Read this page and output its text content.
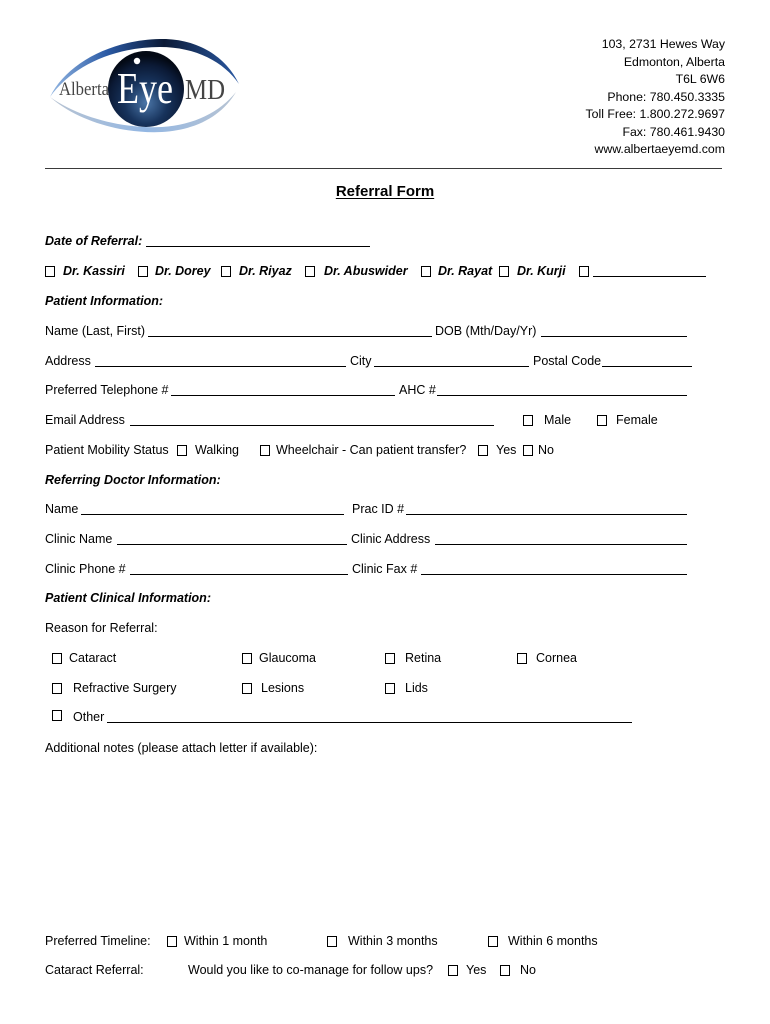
Alberta Eye MD
103, 2731 Hewes Way
Edmonton, Alberta
T6L 6W6
Phone: 780.450.3335
Toll Free: 1.800.272.9697
Fax: 780.461.9430
www.albertaeyemd.com
Referral Form
Date of Referral:
Dr. Kassiri Dr. Dorey Dr. Riyaz	Dr. Abuswider Dr. Rayat Dr. Kurji
Patient Information:
Name (Last, First)	DOB (Mth/Day/Yr)
Address	City	Postal Code
Preferred Telephone #	AHC #
Email Address	Male	Female
Patient Mobility Status Walking	Wheelchair - Can patient transfer? Yes No
Referring Doctor Information:
Name	Prac ID #
Clinic Name	Clinic Address
Clinic Phone #	Clinic Fax #
Patient Clinical Information:
Reason for Referral:
Cataract	Glaucoma	Retina	Cornea
Refractive Surgery	Lesions	Lids
Other
Additional notes (please attach letter if available):
Preferred Timeline:	Within 1 month	Within 3 months	Within 6 months
Cataract Referral:	Would you like to co-manage for follow ups?	Yes	No
